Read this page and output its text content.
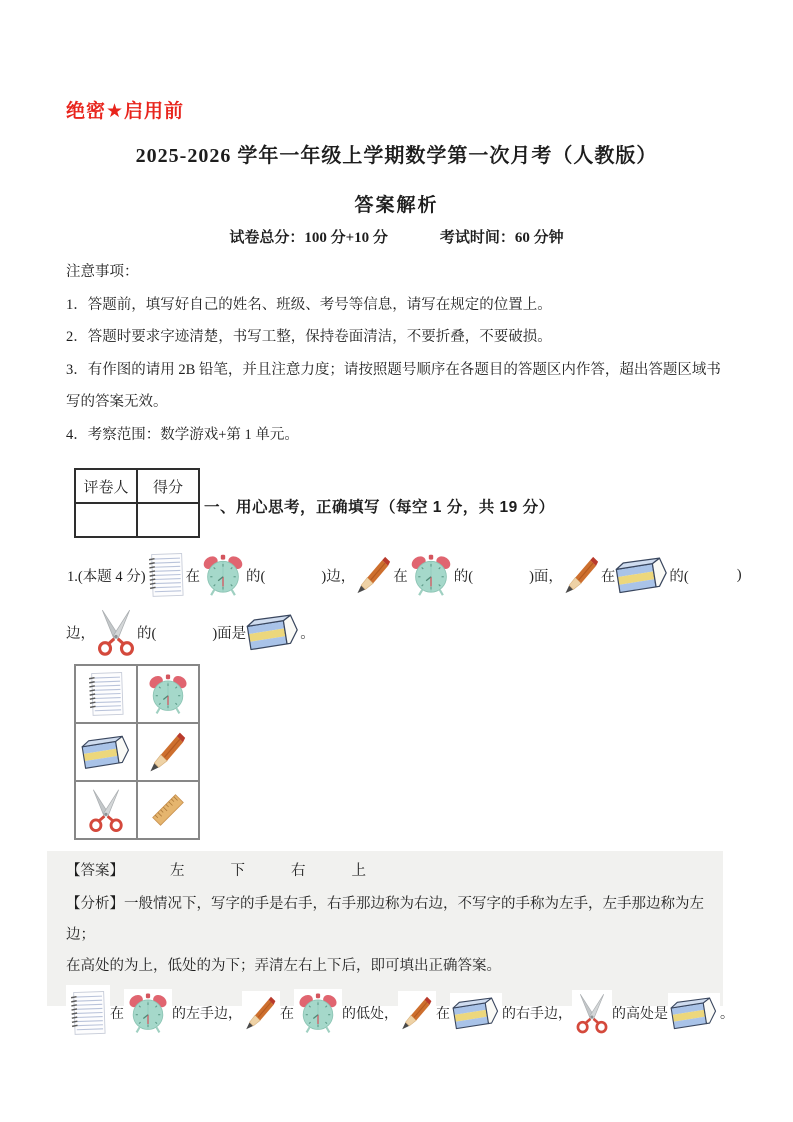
绝密★启用前
2025-2026 学年一年级上学期数学第一次月考（人教版）
答案解析
试卷总分：100 分+10 分	考试时间：60 分钟

注意事项：

1．答题前，填写好自己的姓名、班级、考号等信息，请写在规定的位置上。

2．答题时要求字迹清楚，书写工整，保持卷面清洁，不要折叠，不要破损。

3．有作图的请用 2B 铅笔，并且注意力度；请按照题号顺序在各题目的答题区内作答，超出答题区域书写的答案无效。

4．考察范围：数学游戏+第 1 单元。

评卷人	得分

一、用心思考，正确填写（每空 1 分，共 19 分）
1.(本题 4 分)	在	的(	)边，	在	的(	)面，	在	的(	)
边，	的(	)面是	。

【答案】	左	下	右	上

【分析】一般情况下，写字的手是右手，右手那边称为右边，不写字的手称为左手，左手那边称为左边；

在高处的为上，低处的为下；弄清左右上下后，即可填出正确答案。

在	的左手边，	在	的低处，	在	的右手边，	的高处是	。
